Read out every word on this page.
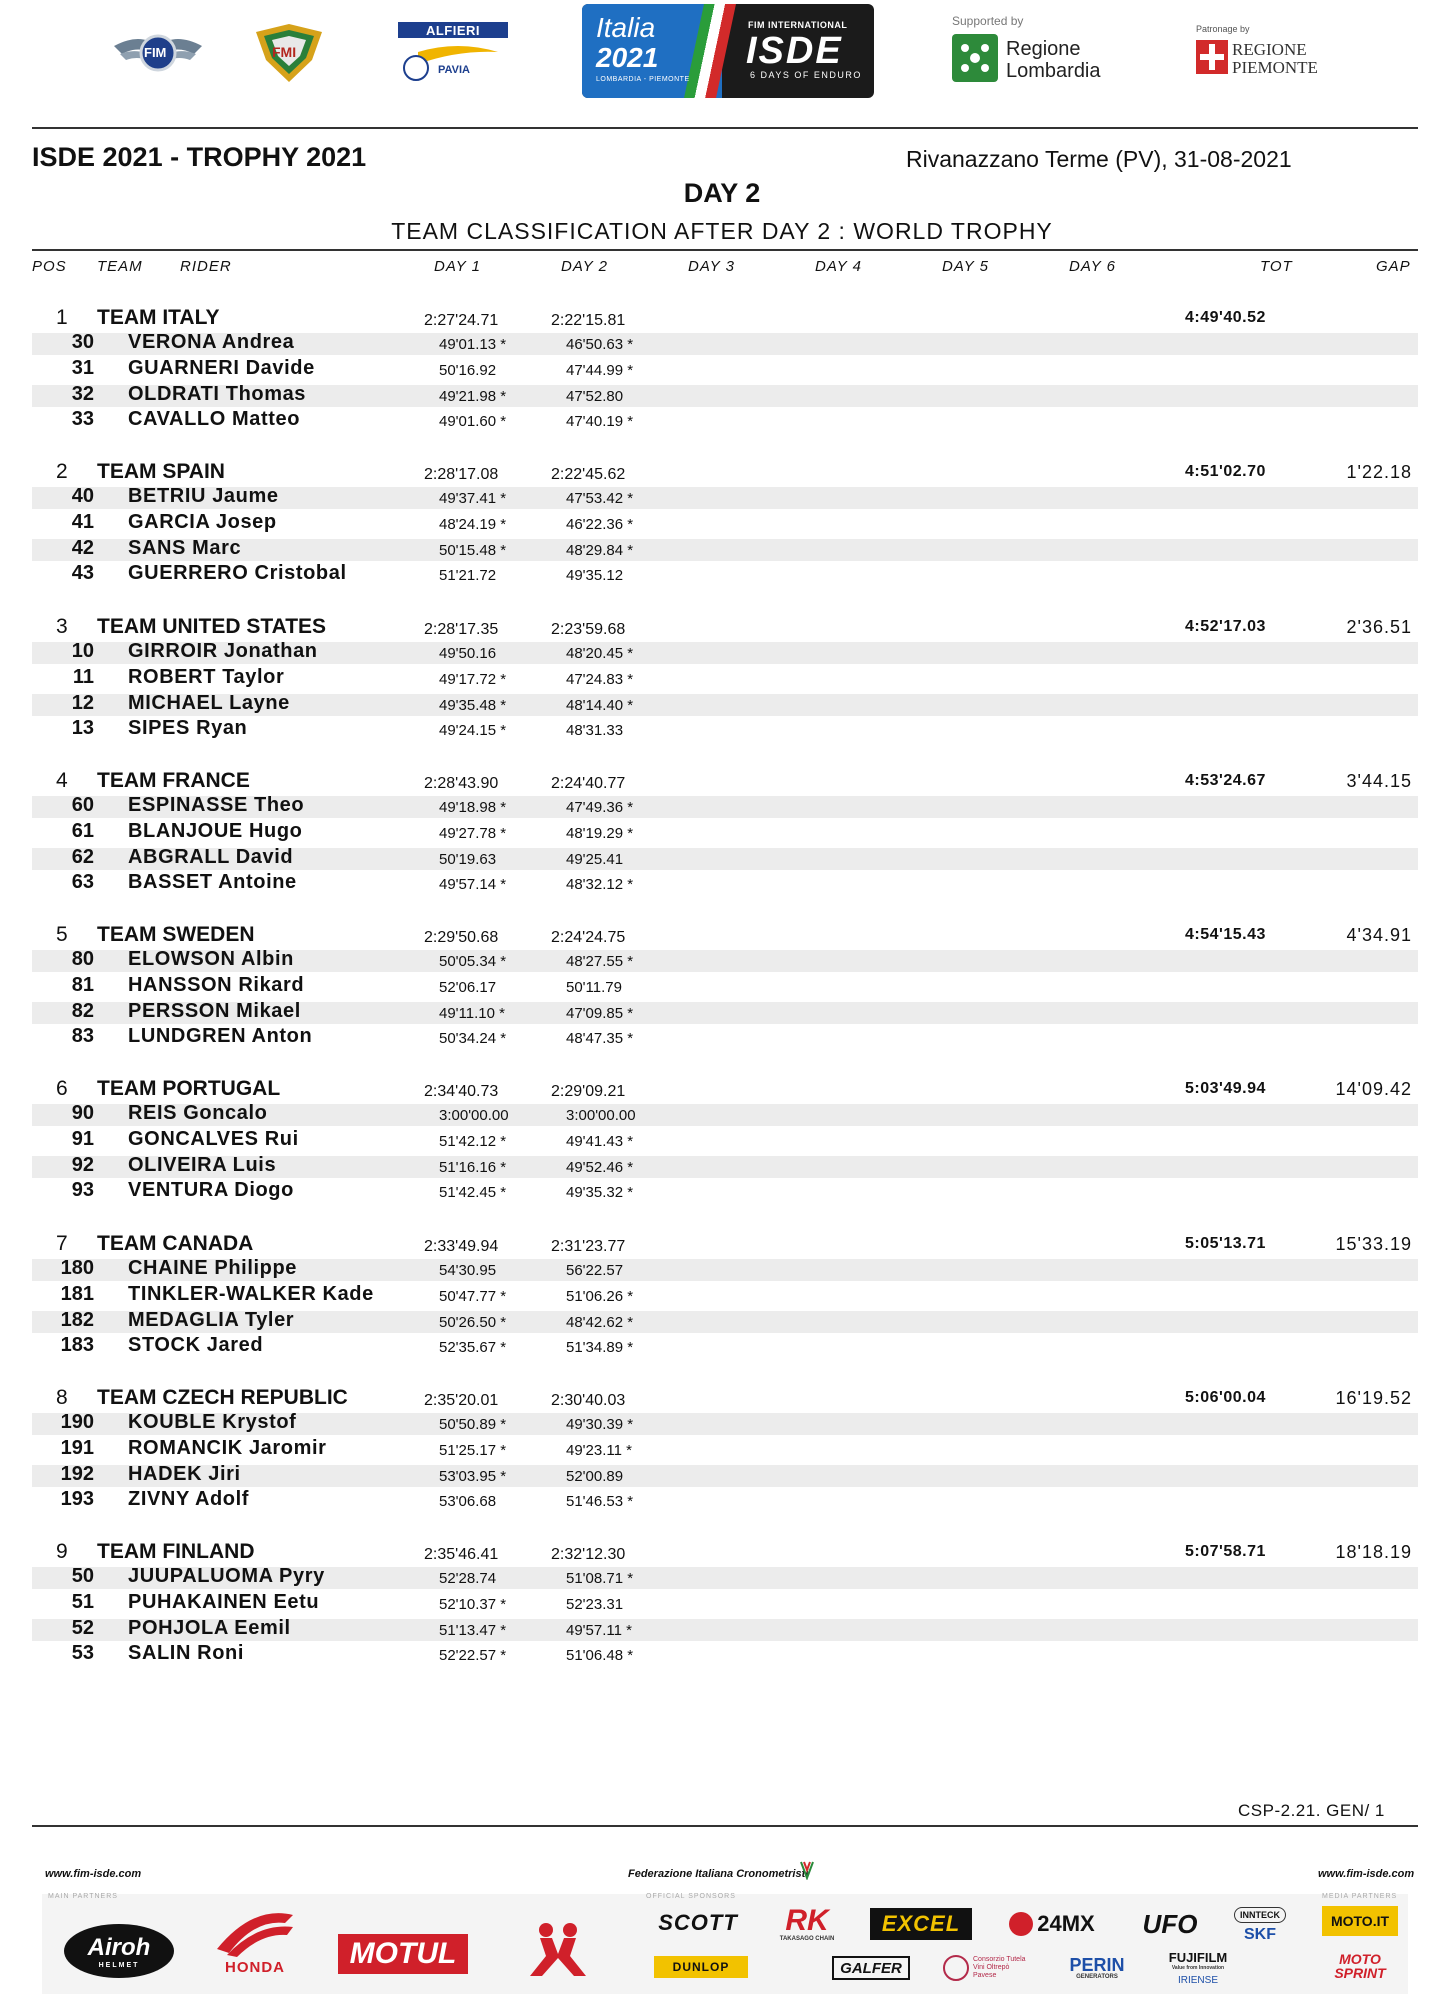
FIM	FMI
ALFIERI
PAVIA
Italia
2021
LOMBARDIA - PIEMONTE
FIM INTERNATIONAL
ISDE
6 DAYS OF ENDURO
Supported by
Regione
Lombardia
Patronage by
REGIONE
PIEMONTE
ISDE 2021 - TROPHY 2021	Rivanazzano Terme (PV), 31-08-2021
DAY 2
TEAM CLASSIFICATION AFTER DAY 2 : WORLD TROPHY
POS TEAM RIDER	DAY 1	DAY 2	DAY 3	DAY 4	DAY 5	DAY 6	TOT	GAP
1 TEAM ITALY	2:27'24.71	2:22'15.81	4:49'40.52
30 VERONA Andrea	49'01.13 *	46'50.63 *
31 GUARNERI Davide	50'16.92	47'44.99 *
32 OLDRATI Thomas	49'21.98 *	47'52.80
33 CAVALLO Matteo	49'01.60 *	47'40.19 *
2 TEAM SPAIN	2:28'17.08	2:22'45.62	4:51'02.70	1'22.18
40 BETRIU Jaume	49'37.41 *	47'53.42 *
41 GARCIA Josep	48'24.19 *	46'22.36 *
42 SANS Marc	50'15.48 *	48'29.84 *
43 GUERRERO Cristobal	51'21.72	49'35.12
3 TEAM UNITED STATES	2:28'17.35	2:23'59.68	4:52'17.03	2'36.51
10 GIRROIR Jonathan	49'50.16	48'20.45 *
11 ROBERT Taylor	49'17.72 *	47'24.83 *
12 MICHAEL Layne	49'35.48 *	48'14.40 *
13 SIPES Ryan	49'24.15 *	48'31.33
4 TEAM FRANCE	2:28'43.90	2:24'40.77	4:53'24.67	3'44.15
60 ESPINASSE Theo	49'18.98 *	47'49.36 *
61 BLANJOUE Hugo	49'27.78 *	48'19.29 *
62 ABGRALL David	50'19.63	49'25.41
63 BASSET Antoine	49'57.14 *	48'32.12 *
5 TEAM SWEDEN	2:29'50.68	2:24'24.75	4:54'15.43	4'34.91
80 ELOWSON Albin	50'05.34 *	48'27.55 *
81 HANSSON Rikard	52'06.17	50'11.79
82 PERSSON Mikael	49'11.10 *	47'09.85 *
83 LUNDGREN Anton	50'34.24 *	48'47.35 *
6 TEAM PORTUGAL	2:34'40.73	2:29'09.21	5:03'49.94	14'09.42
90 REIS Goncalo	3:00'00.00	3:00'00.00
91 GONCALVES Rui	51'42.12 *	49'41.43 *
92 OLIVEIRA Luis	51'16.16 *	49'52.46 *
93 VENTURA Diogo	51'42.45 *	49'35.32 *
7 TEAM CANADA	2:33'49.94	2:31'23.77	5:05'13.71	15'33.19
180 CHAINE Philippe	54'30.95	56'22.57
181 TINKLER-WALKER Kade	50'47.77 *	51'06.26 *
182 MEDAGLIA Tyler	50'26.50 *	48'42.62 *
183 STOCK Jared	52'35.67 *	51'34.89 *
8 TEAM CZECH REPUBLIC	2:35'20.01	2:30'40.03	5:06'00.04	16'19.52
190 KOUBLE Krystof	50'50.89 *	49'30.39 *
191 ROMANCIK Jaromir	51'25.17 *	49'23.11 *
192 HADEK Jiri	53'03.95 *	52'00.89
193 ZIVNY Adolf	53'06.68	51'46.53 *
9 TEAM FINLAND	2:35'46.41	2:32'12.30	5:07'58.71	18'18.19
50 JUUPALUOMA Pyry	52'28.74	51'08.71 *
51 PUHAKAINEN Eetu	52'10.37 *	52'23.31
52 POHJOLA Eemil	51'13.47 *	49'57.11 *
53 SALIN Roni	52'22.57 *	51'06.48 *
CSP-2.21. GEN/ 1
www.fim-isde.com	Federazione Italiana Cronometristi	www.fim-isde.com
MAIN PARTNERS	OFFICIAL SPONSORS	MEDIA PARTNERS
Airoh
HELMET	HONDA MOTUL
SCOTT RK
TAKASAGO CHAIN
EXCEL	24MX UFO	INNTECK
SKF
DUNLOP	GALFER	Consorzio Tutela Vini Oltrepò Pavese
PERIN
GENERATORS
FUJIFILM
Value from Innovation
IRIENSE
MOTO.IT
MOTO SPRINT
